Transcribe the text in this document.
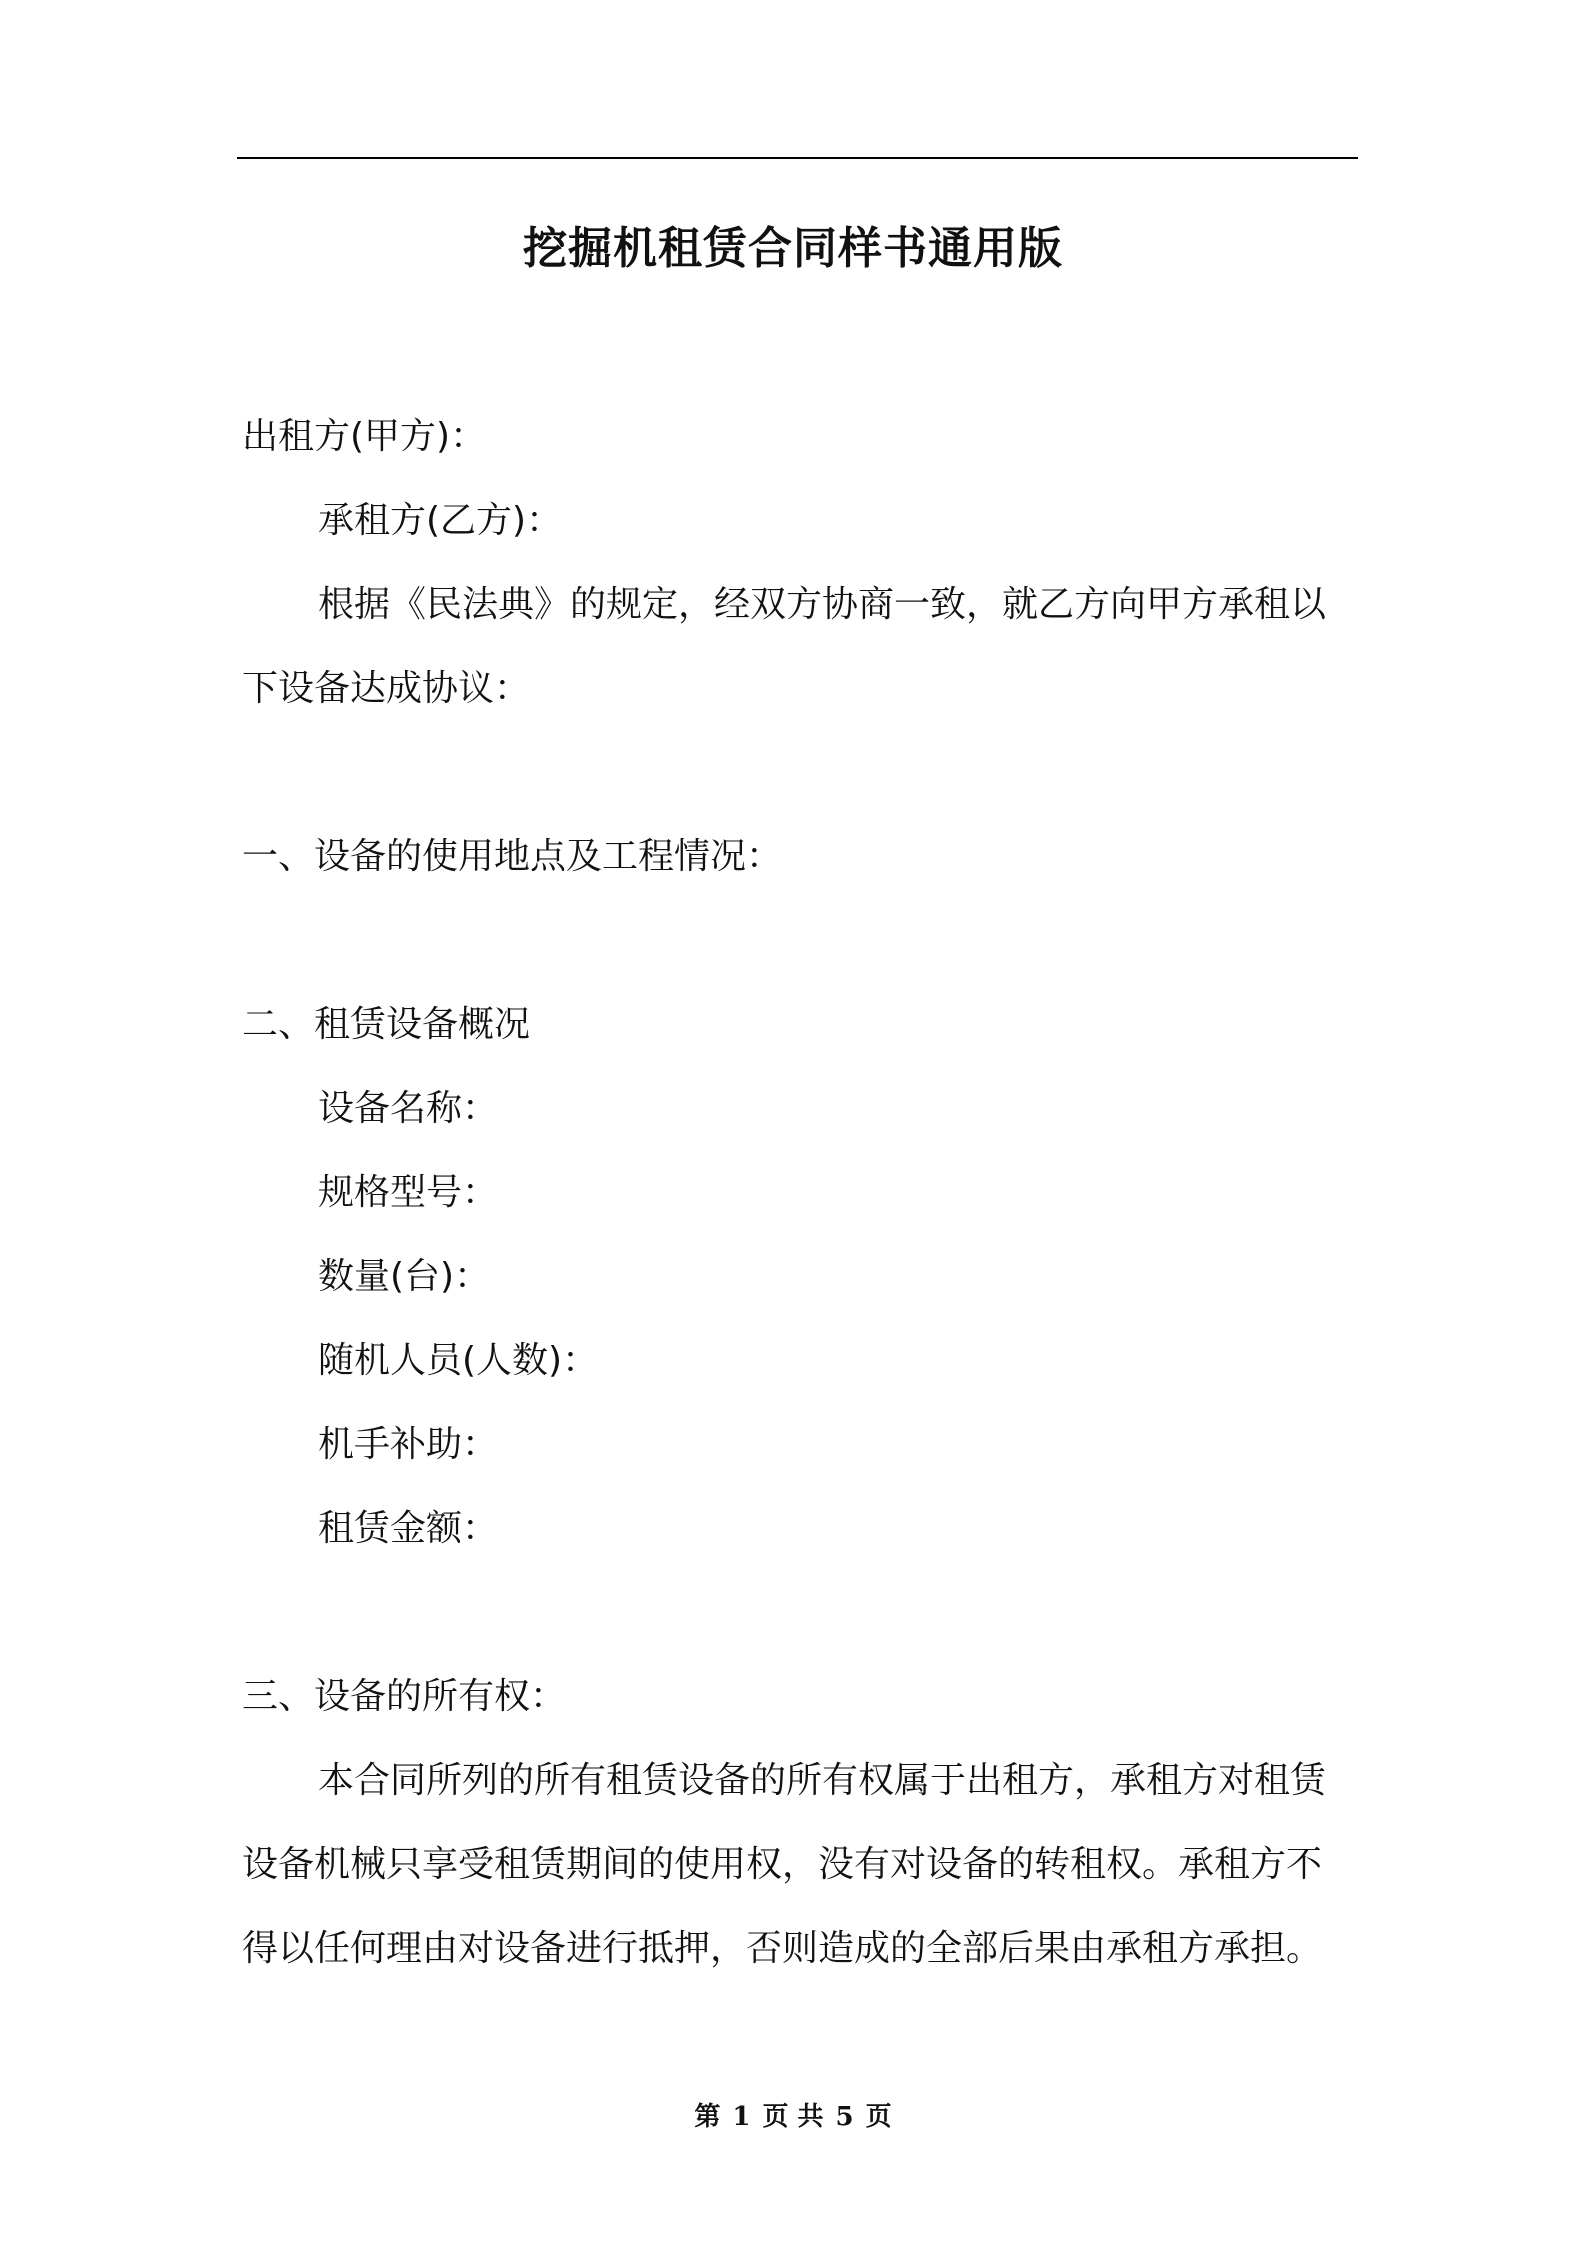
挖掘机租赁合同样书通用版
出租方(甲方)：
承租方(乙方)：
根据《民法典》的规定，经双方协商一致，就乙方向甲方承租以
下设备达成协议：
一、设备的使用地点及工程情况：
二、租赁设备概况
设备名称：
规格型号：
数量(台)：
随机人员(人数)：
机手补助：
租赁金额：
三、设备的所有权：
本合同所列的所有租赁设备的所有权属于出租方，承租方对租赁
设备机械只享受租赁期间的使用权，没有对设备的转租权。承租方不
得以任何理由对设备进行抵押，否则造成的全部后果由承租方承担。
第 1 页 共 5 页
